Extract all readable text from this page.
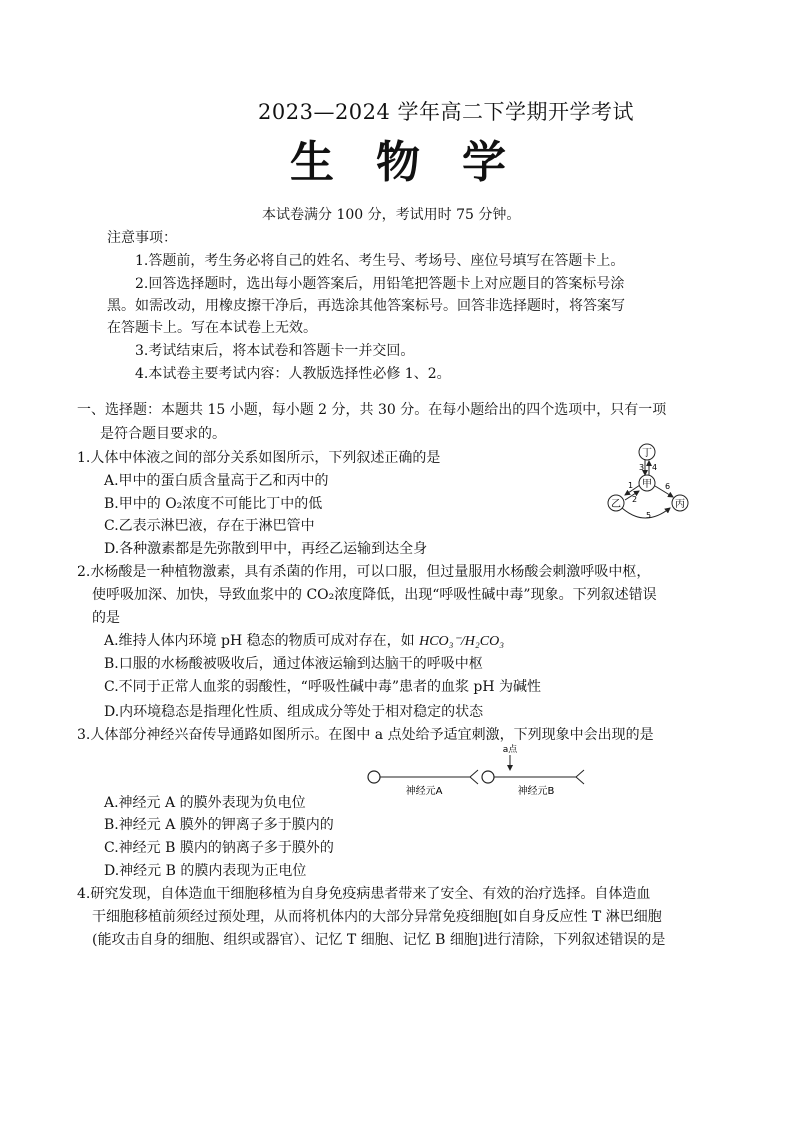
2023—2024 学年高二下学期开学考试
生 物 学
本试卷满分 100 分，考试用时 75 分钟。
注意事项：
1.答题前，考生务必将自己的姓名、考生号、考场号、座位号填写在答题卡上。
2.回答选择题时，选出每小题答案后，用铅笔把答题卡上对应题目的答案标号涂
黑。如需改动，用橡皮擦干净后，再选涂其他答案标号。回答非选择题时，将答案写
在答题卡上。写在本试卷上无效。
3.考试结束后，将本试卷和答题卡一并交回。
4.本试卷主要考试内容：人教版选择性必修 1、2。
一、选择题：本题共 15 小题，每小题 2 分，共 30 分。在每小题给出的四个选项中，只有一项
是符合题目要求的。
1.人体中体液之间的部分关系如图所示，下列叙述正确的是
A.甲中的蛋白质含量高于乙和丙中的
B.甲中的 O₂浓度不可能比丁中的低
C.乙表示淋巴液，存在于淋巴管中
D.各种激素都是先弥散到甲中，再经乙运输到达全身
丁
甲
乙	丙
3 4
1
2
6
5
2.水杨酸是一种植物激素，具有杀菌的作用，可以口服，但过量服用水杨酸会刺激呼吸中枢，
使呼吸加深、加快，导致血浆中的 CO₂浓度降低，出现“呼吸性碱中毒”现象。下列叙述错误
的是
A.维持人体内环境 pH 稳态的物质可成对存在，如 HCO₃⁻/H₂CO₃
B.口服的水杨酸被吸收后，通过体液运输到达脑干的呼吸中枢
C.不同于正常人血浆的弱酸性，“呼吸性碱中毒”患者的血浆 pH 为碱性
D.内环境稳态是指理化性质、组成成分等处于相对稳定的状态
3.人体部分神经兴奋传导通路如图所示。在图中 a 点处给予适宜刺激，下列现象中会出现的是
a点
神经元A	神经元B
A.神经元 A 的膜外表现为负电位
B.神经元 A 膜外的钾离子多于膜内的
C.神经元 B 膜内的钠离子多于膜外的
D.神经元 B 的膜内表现为正电位
4.研究发现，自体造血干细胞移植为自身免疫病患者带来了安全、有效的治疗选择。自体造血
干细胞移植前须经过预处理，从而将机体内的大部分异常免疫细胞[如自身反应性 T 淋巴细胞
(能攻击自身的细胞、组织或器官）、记忆 T 细胞、记忆 B 细胞]进行清除，下列叙述错误的是
